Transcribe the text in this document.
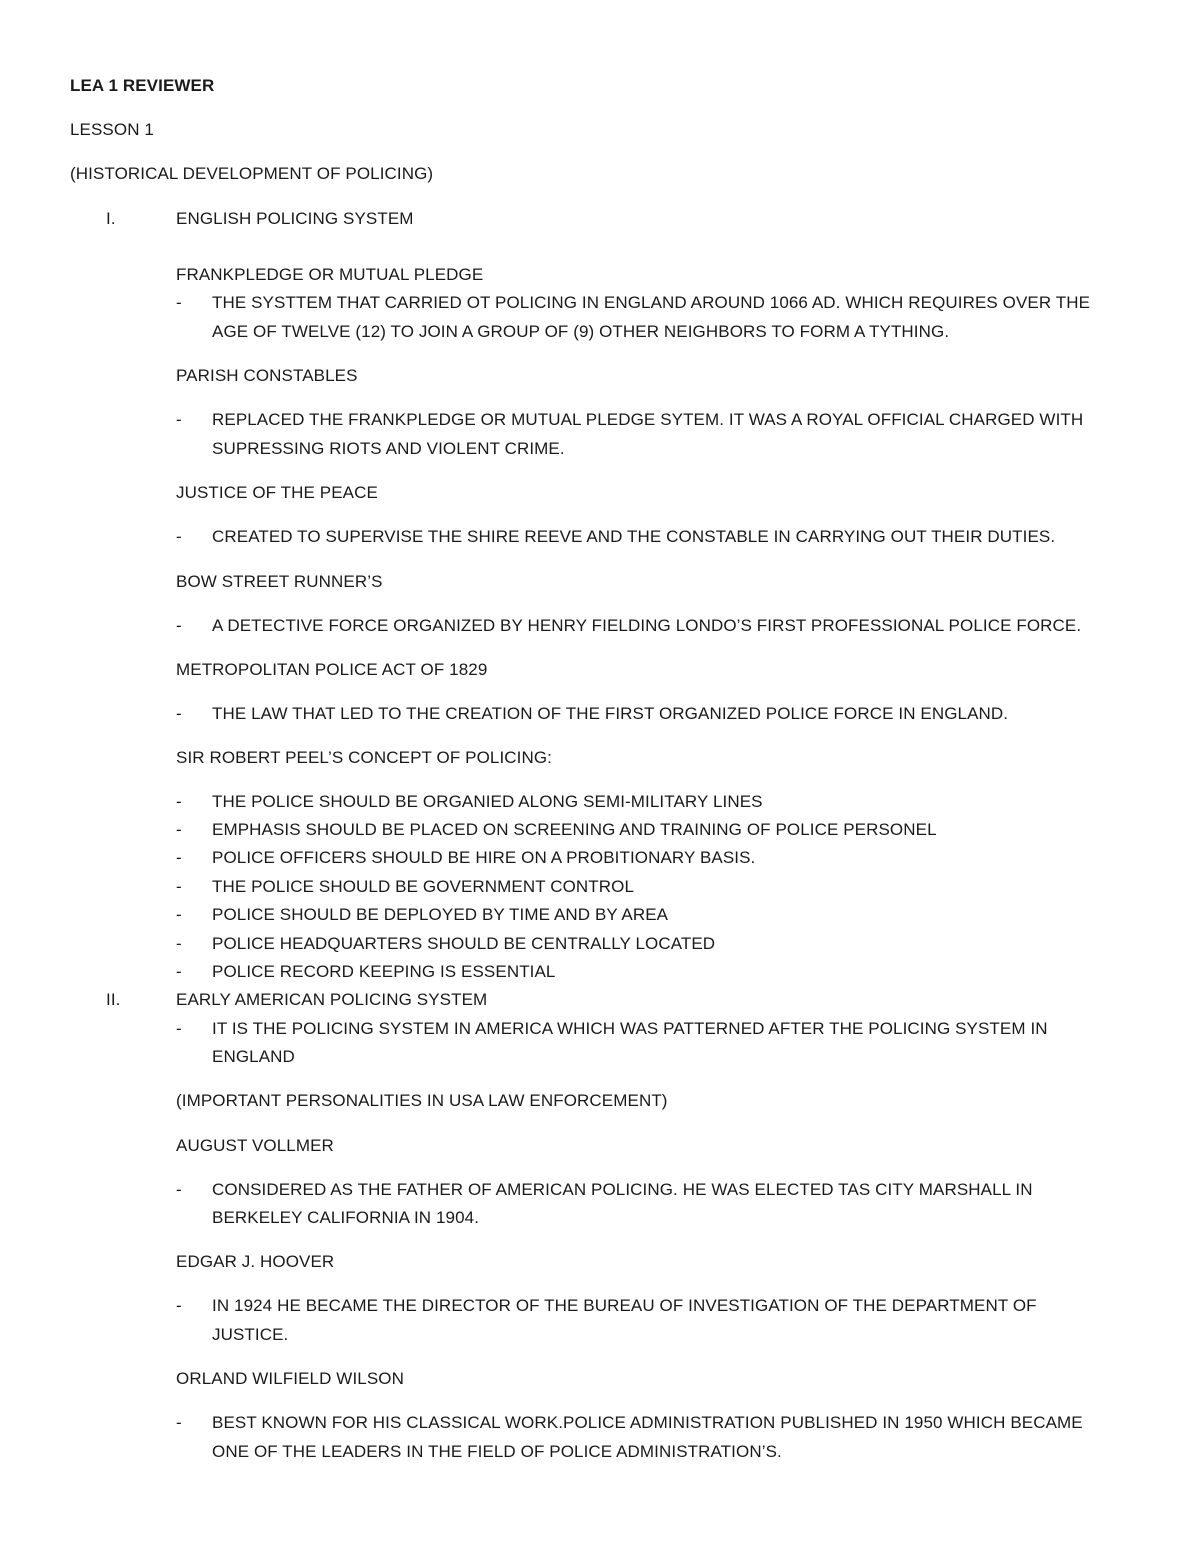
LEA 1 REVIEWER
LESSON 1
(HISTORICAL DEVELOPMENT OF POLICING)
I.	ENGLISH POLICING SYSTEM
FRANKPLEDGE OR MUTUAL PLEDGE
- THE SYSTTEM THAT CARRIED OT POLICING IN ENGLAND AROUND 1066 AD. WHICH REQUIRES OVER THE
AGE OF TWELVE (12) TO JOIN A GROUP OF (9) OTHER NEIGHBORS TO FORM A TYTHING.
PARISH CONSTABLES
- REPLACED THE FRANKPLEDGE OR MUTUAL PLEDGE SYTEM. IT WAS A ROYAL OFFICIAL CHARGED WITH
SUPRESSING RIOTS AND VIOLENT CRIME.
JUSTICE OF THE PEACE
- CREATED TO SUPERVISE THE SHIRE REEVE AND THE CONSTABLE IN CARRYING OUT THEIR DUTIES.
BOW STREET RUNNER’S
- A DETECTIVE FORCE ORGANIZED BY HENRY FIELDING LONDO’S FIRST PROFESSIONAL POLICE FORCE.
METROPOLITAN POLICE ACT OF 1829
- THE LAW THAT LED TO THE CREATION OF THE FIRST ORGANIZED POLICE FORCE IN ENGLAND.
SIR ROBERT PEEL’S CONCEPT OF POLICING:
- THE POLICE SHOULD BE ORGANIED ALONG SEMI-MILITARY LINES
- EMPHASIS SHOULD BE PLACED ON SCREENING AND TRAINING OF POLICE PERSONEL
- POLICE OFFICERS SHOULD BE HIRE ON A PROBITIONARY BASIS.
- THE POLICE SHOULD BE GOVERNMENT CONTROL
- POLICE SHOULD BE DEPLOYED BY TIME AND BY AREA
- POLICE HEADQUARTERS SHOULD BE CENTRALLY LOCATED
- POLICE RECORD KEEPING IS ESSENTIAL
II.	EARLY AMERICAN POLICING SYSTEM
- IT IS THE POLICING SYSTEM IN AMERICA WHICH WAS PATTERNED AFTER THE POLICING SYSTEM IN
ENGLAND
(IMPORTANT PERSONALITIES IN USA LAW ENFORCEMENT)
AUGUST VOLLMER
- CONSIDERED AS THE FATHER OF AMERICAN POLICING. HE WAS ELECTED TAS CITY MARSHALL IN
BERKELEY CALIFORNIA IN 1904.
EDGAR J. HOOVER
- IN 1924 HE BECAME THE DIRECTOR OF THE BUREAU OF INVESTIGATION OF THE DEPARTMENT OF
JUSTICE.
ORLAND WILFIELD WILSON
- BEST KNOWN FOR HIS CLASSICAL WORK.POLICE ADMINISTRATION PUBLISHED IN 1950 WHICH BECAME
ONE OF THE LEADERS IN THE FIELD OF POLICE ADMINISTRATION’S.
